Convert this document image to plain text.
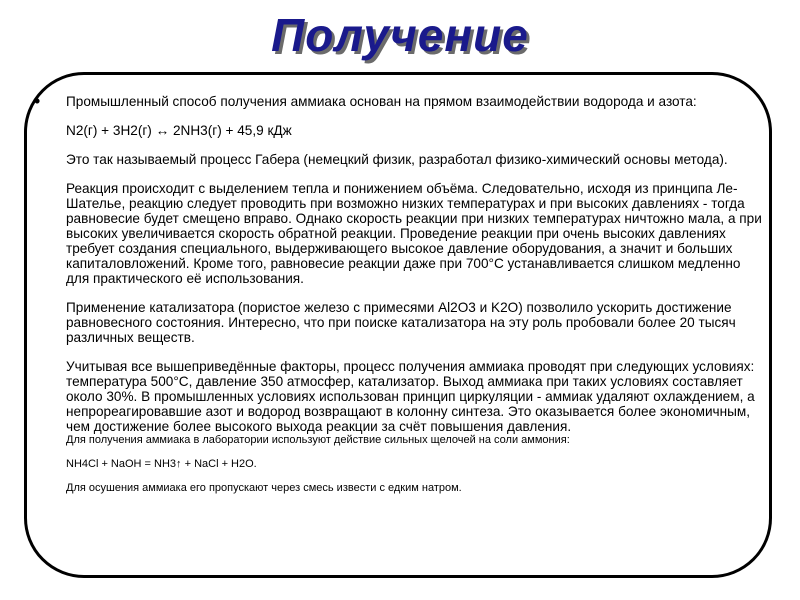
Получение
• Промышленный способ получения аммиака основан на прямом взаимодействии водорода и азота:

N2(г) + 3H2(г) ↔ 2NH3(г) + 45,9 кДж

Это так называемый процесс Габера (немецкий физик, разработал физико-химический основы метода).

Реакция происходит с выделением тепла и понижением объёма. Следовательно, исходя из принципа Ле-Шателье, реакцию следует проводить при возможно низких температурах и при высоких давлениях - тогда равновесие будет смещено вправо. Однако скорость реакции при низких температурах ничтожно мала, а при высоких увеличивается скорость обратной реакции. Проведение реакции при очень высоких давлениях требует создания специального, выдерживающего высокое давление оборудования, а значит и больших капиталовложений. Кроме того, равновесие реакции даже при 700°C устанавливается слишком медленно для практического её использования.

Применение катализатора (пористое железо с примесями Al2O3 и K2O) позволило ускорить достижение равновесного состояния. Интересно, что при поиске катализатора на эту роль пробовали более 20 тысяч различных веществ.

Учитывая все вышеприведённые факторы, процесс получения аммиака проводят при следующих условиях: температура 500°C, давление 350 атмосфер, катализатор. Выход аммиака при таких условиях составляет около 30%. В промышленных условиях использован принцип циркуляции - аммиак удаляют охлаждением, а непрореагировавшие азот и водород возвращают в колонну синтеза. Это оказывается более экономичным, чем достижение более высокого выхода реакции за счёт повышения давления.

Для получения аммиака в лаборатории используют действие сильных щелочей на соли аммония:

NH4Cl + NaOH = NH3↑ + NaCl + H2O.

Для осушения аммиака его пропускают через смесь извести с едким натром.
